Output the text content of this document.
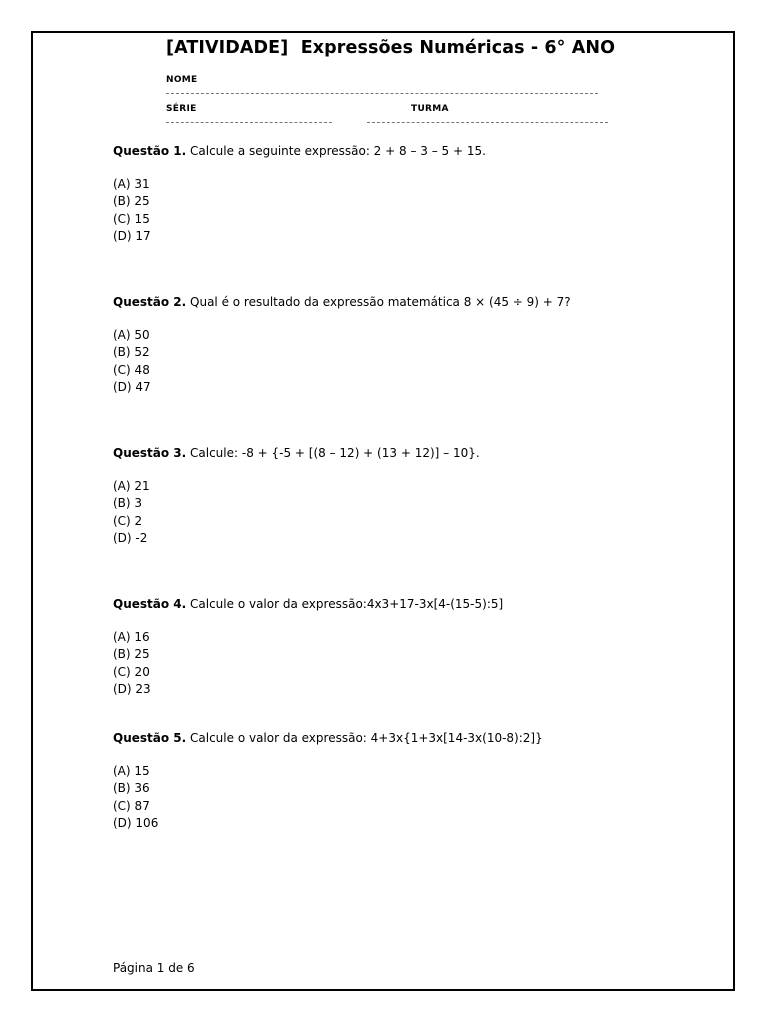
[ATIVIDADE]  Expressões Numéricas - 6° ANO
NOME
SÉRIE	TURMA

Questão 1. Calcule a seguinte expressão: 2 + 8 – 3 – 5 + 15.

(A) 31
(B) 25
(C) 15
(D) 17

Questão 2. Qual é o resultado da expressão matemática 8 × (45 ÷ 9) + 7?

(A) 50
(B) 52
(C) 48
(D) 47

Questão 3. Calcule: -8 + {-5 + [(8 – 12) + (13 + 12)] – 10}.

(A) 21
(B) 3
(C) 2
(D) -2

Questão 4. Calcule o valor da expressão:4x3+17-3x[4-(15-5):5]

(A) 16
(B) 25
(C) 20
(D) 23

Questão 5. Calcule o valor da expressão: 4+3x{1+3x[14-3x(10-8):2]}

(A) 15
(B) 36
(C) 87
(D) 106
Página 1 de 6
